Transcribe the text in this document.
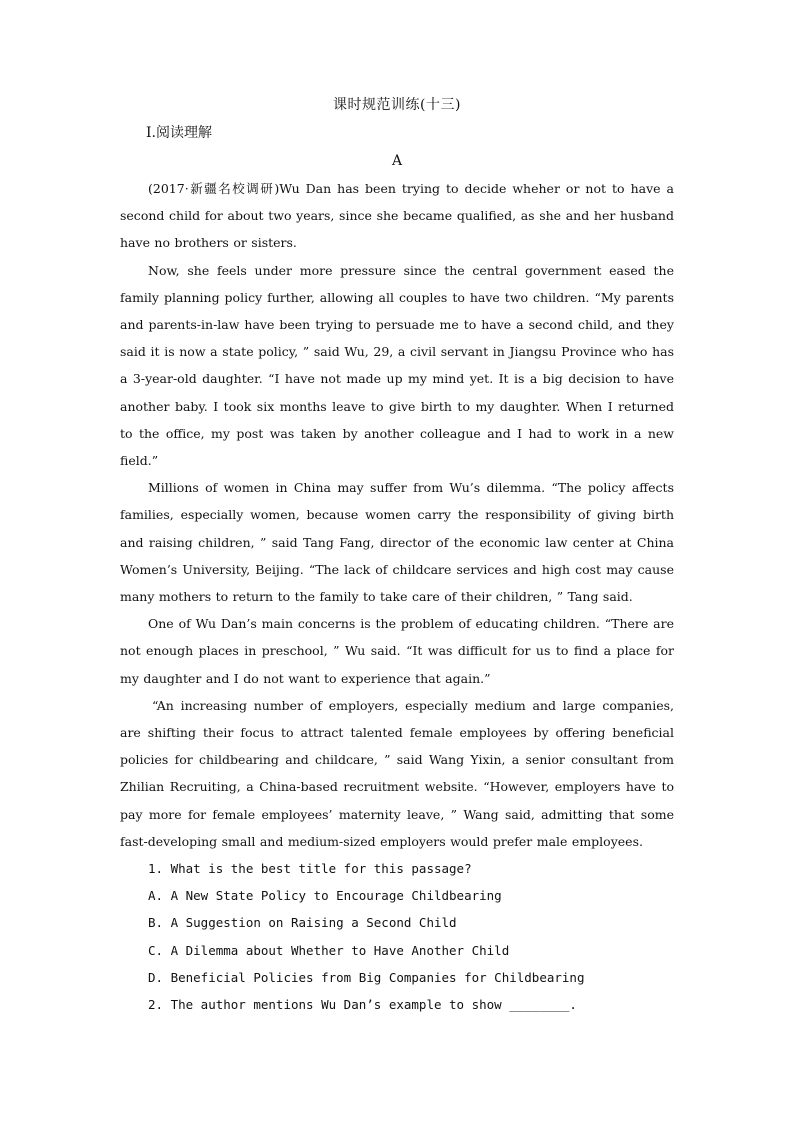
课时规范训练(十三)
Ⅰ.阅读理解
A

(2017·新疆名校调研)Wu Dan has been trying to decide wheher or not to have a second child for about two years, since she became qualified, as she and her husband have no brothers or sisters.

Now, she feels under more pressure since the central government eased the family planning policy further, allowing all couples to have two children. “My parents and parents-in-law have been trying to persuade me to have a second child, and they said it is now a state policy, ” said Wu, 29, a civil servant in Jiangsu Province who has a 3-year-old daughter. “I have not made up my mind yet. It is a big decision to have another baby. I took six months leave to give birth to my daughter. When I returned to the office, my post was taken by another colleague and I had to work in a new field.”

Millions of women in China may suffer from Wu’s dilemma. “The policy affects families, especially women, because women carry the responsibility of giving birth and raising children, ” said Tang Fang, director of the economic law center at China Women’s University, Beijing. “The lack of childcare services and high cost may cause many mothers to return to the family to take care of their children, ” Tang said.

One of Wu Dan’s main concerns is the problem of educating children. “There are not enough places in preschool, ” Wu said. “It was difficult for us to find a place for my daughter and I do not want to experience that again.”

“An increasing number of employers, especially medium and large companies, are shifting their focus to attract talented female employees by offering beneficial policies for childbearing and childcare, ” said Wang Yixin, a senior consultant from Zhilian Recruiting, a China-based recruitment website. “However, employers have to pay more for female employees’ maternity leave, ” Wang said, admitting that some fast-developing small and medium-sized employers would prefer male employees.

1. What is the best title for this passage?

A. A New State Policy to Encourage Childbearing

B. A Suggestion on Raising a Second Child

C. A Dilemma about Whether to Have Another Child

D. Beneficial Policies from Big Companies for Childbearing

2. The author mentions Wu Dan’s example to show ________.
